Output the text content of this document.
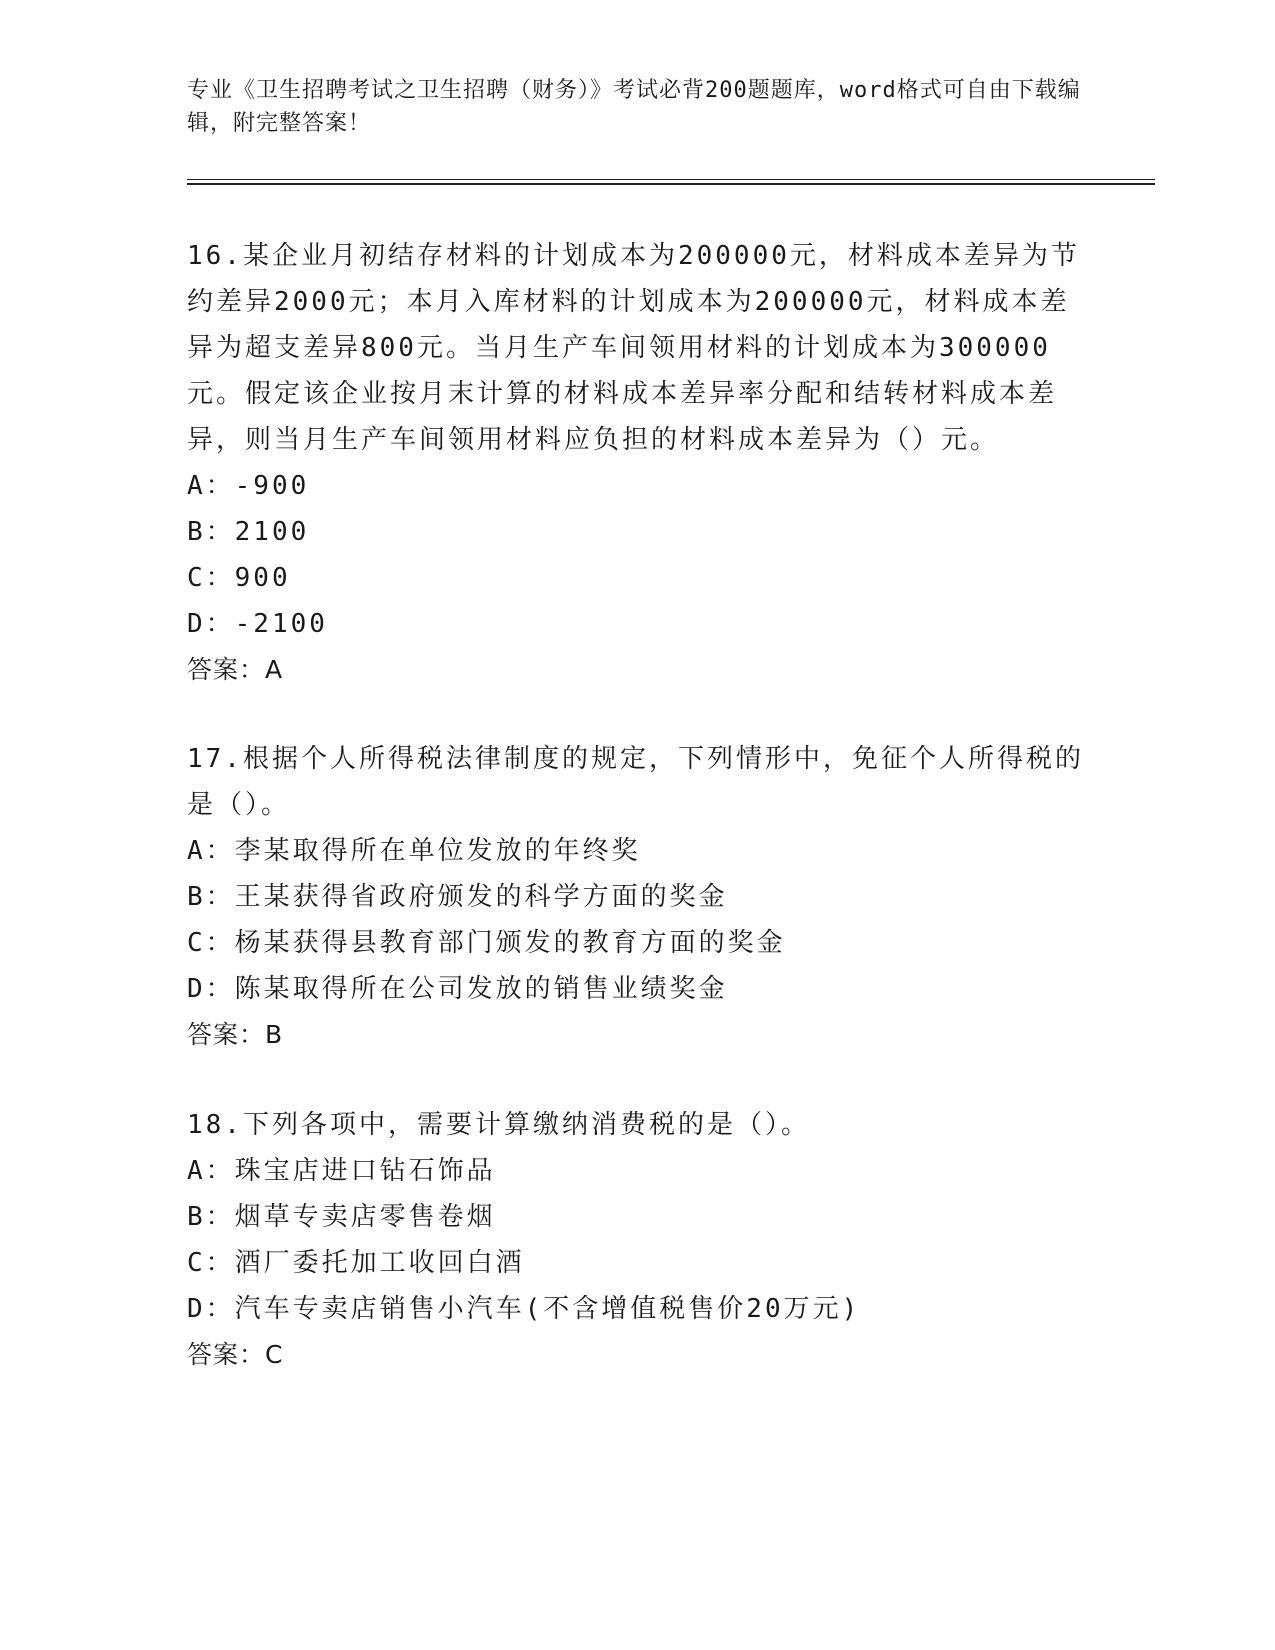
专业《卫生招聘考试之卫生招聘（财务）》考试必背200题题库，word格式可自由下载编辑，附完整答案！

16.某企业月初结存材料的计划成本为200000元，材料成本差异为节约差异2000元；本月入库材料的计划成本为200000元，材料成本差异为超支差异800元。当月生产车间领用材料的计划成本为300000元。假定该企业按月末计算的材料成本差异率分配和结转材料成本差异，则当月生产车间领用材料应负担的材料成本差异为（）元。

A：-900

B：2100

C：900

D：-2100

答案：A

17.根据个人所得税法律制度的规定，下列情形中，免征个人所得税的是（）。

A：李某取得所在单位发放的年终奖

B：王某获得省政府颁发的科学方面的奖金

C：杨某获得县教育部门颁发的教育方面的奖金

D：陈某取得所在公司发放的销售业绩奖金

答案：B

18.下列各项中，需要计算缴纳消费税的是（）。

A：珠宝店进口钻石饰品

B：烟草专卖店零售卷烟

C：酒厂委托加工收回白酒

D：汽车专卖店销售小汽车(不含增值税售价20万元)

答案：C
